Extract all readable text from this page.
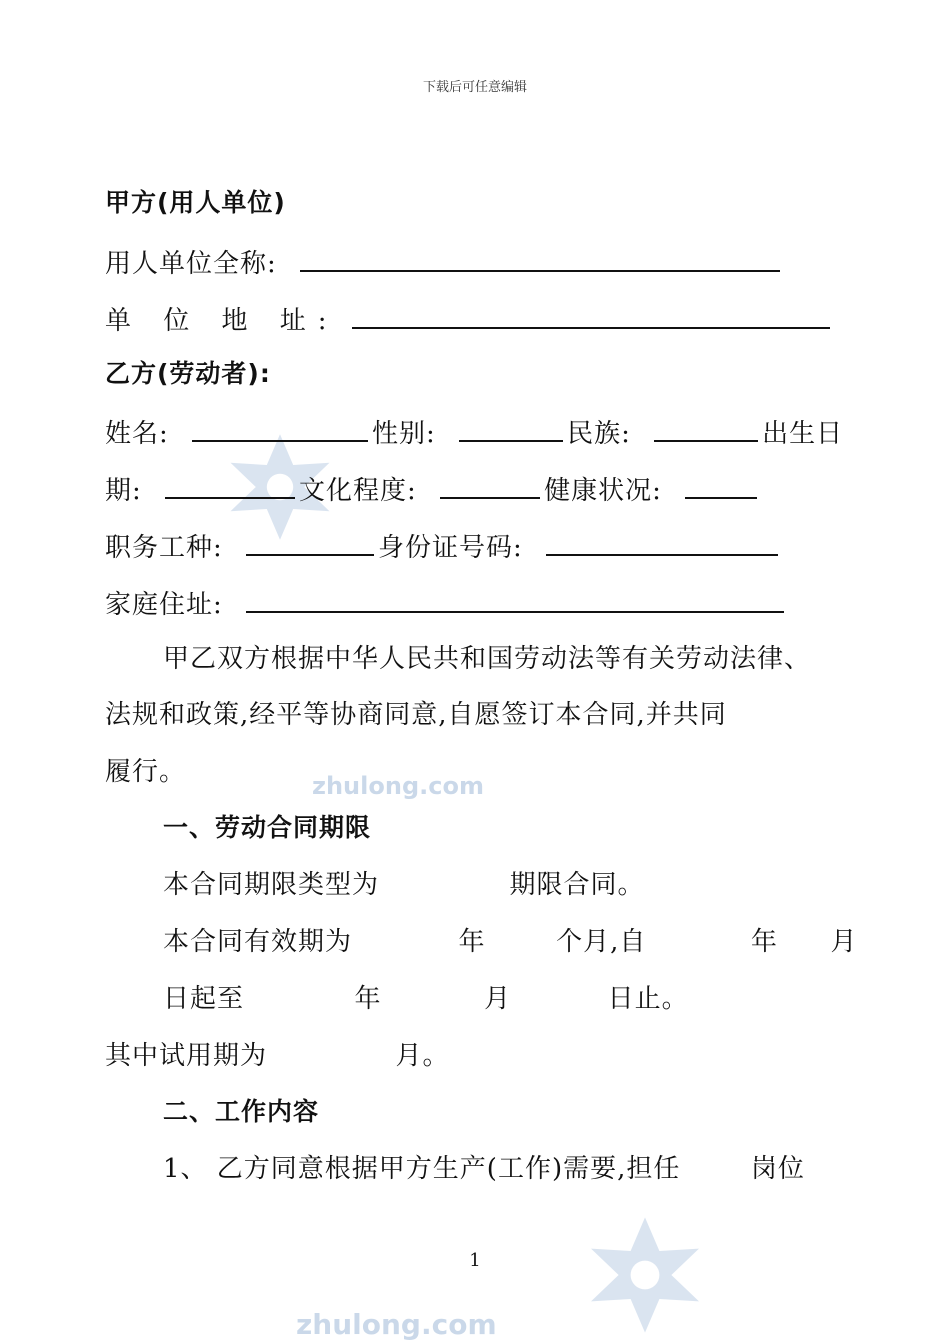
zhulong.com
zhulong.com
下载后可任意编辑
甲方(用人单位)
用人单位全称:
单 位 地 址:
乙方(劳动者):
姓名:	性别:	民族:	出生日
期:	文化程度:	健康状况:
职务工种:	身份证号码:
家庭住址:
甲乙双方根据中华人民共和国劳动法等有关劳动法律、
法规和政策,经平等协商同意,自愿签订本合同,并共同
履行。
一、劳动合同期限
本合同期限类型为	期限合同。
本合同有效期为	年	个月,自	年 月
日起至	年	月	日止。
其中试用期为	月。
二、工作内容
1、 乙方同意根据甲方生产(工作)需要,担任	岗位
1
